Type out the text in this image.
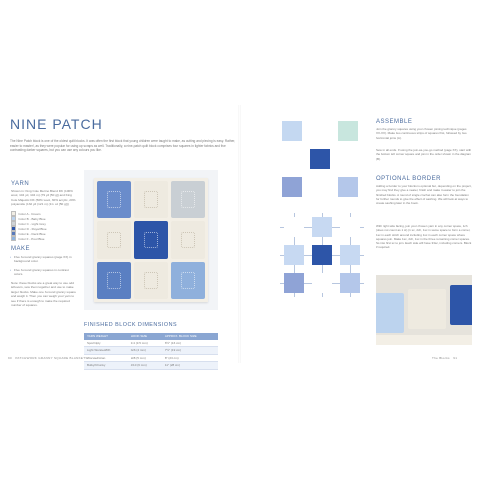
NINE PATCH
The Nine Patch block is one of the oldest quilt blocks. It was often the first block that young children were taught to make, as cutting and piecing is easy. Rather, easier to master!, as they were popular for using up scraps as well. Traditionally, a nine-patch quilt block comprises four squares in lighter fabrics and five contrasting darker squares, but you can use any colours you like.
YARN
Shown in: King Cole Merino Blend DK (100% wool, 104 yd, 104 m) (79 yd [50 g]) and King Cole Majestic DK (50% wool, 30% acrylic, 20% polyamide (132 yd (121 m) (1¾ oz [50 g]))
Color A - Cream
Color B - Baby Blue
Color C - Light Grey
Color D - Royal Blue
Color E - Deck Blue
Color F - Pool Blue
MAKE
• Five 3-round granny squares (page XX) in background color.
• Five 3-round granny squares in contrast colors.
Note: these blocks are a great way to use odd leftovers, sew them together and use to make larger blocks. Make one 3-round granny square and weigh it. Then you can weigh your yarn to see if there is enough to make the required number of squares.
FINISHED BLOCK DIMENSIONS
YARN WEIGHT	HOOK SIZE	APPROX. BLOCK SIZE
Sport/4ply	3.4 (3.5 mm)	6½" (16 cm)
Light Worsted/DK	G/6 (4 mm)	7½" (19 cm)
Worsted/Aran	H/8 (5 mm)	8" (23 cm)
Bulky/Chunky	J/10 (6 mm)	11" (28 cm)
90 PATCHWORK GRANNY SQUARE BLANKETS
ASSEMBLE
Join the granny squares using your chosen joining technique (pages XX-XX). Make two continuous strips of squares first, followed by two horizontal joins (A).
Sew in all ends. If using the join-as-you-go method (page XX), start with the bottom left corner square and join in the order shown in the diagram (B).
OPTIONAL BORDER
Adding a border to your blocks is optional but, depending on the project, you may find they give a neater, finish and make it easier to join the finished blocks. A round of single crochet can also form the foundation for further rounds to give the effect of sashing. We will look at ways to create sashing later in the book.
With right side facing, join your chosen yarn in any corner space, 1ch (does not count as 1 st) (1 sc, 2ch, 1sc in same space to form a corner, 1sc in each stitch around including 1sc in each corner space where squares join. Make 1sc, 2ch, 1sc in the three remaining corner spaces. Ss into first sc to join. Each side will have 33sc, including corners. Block if required.
The Blocks 91
